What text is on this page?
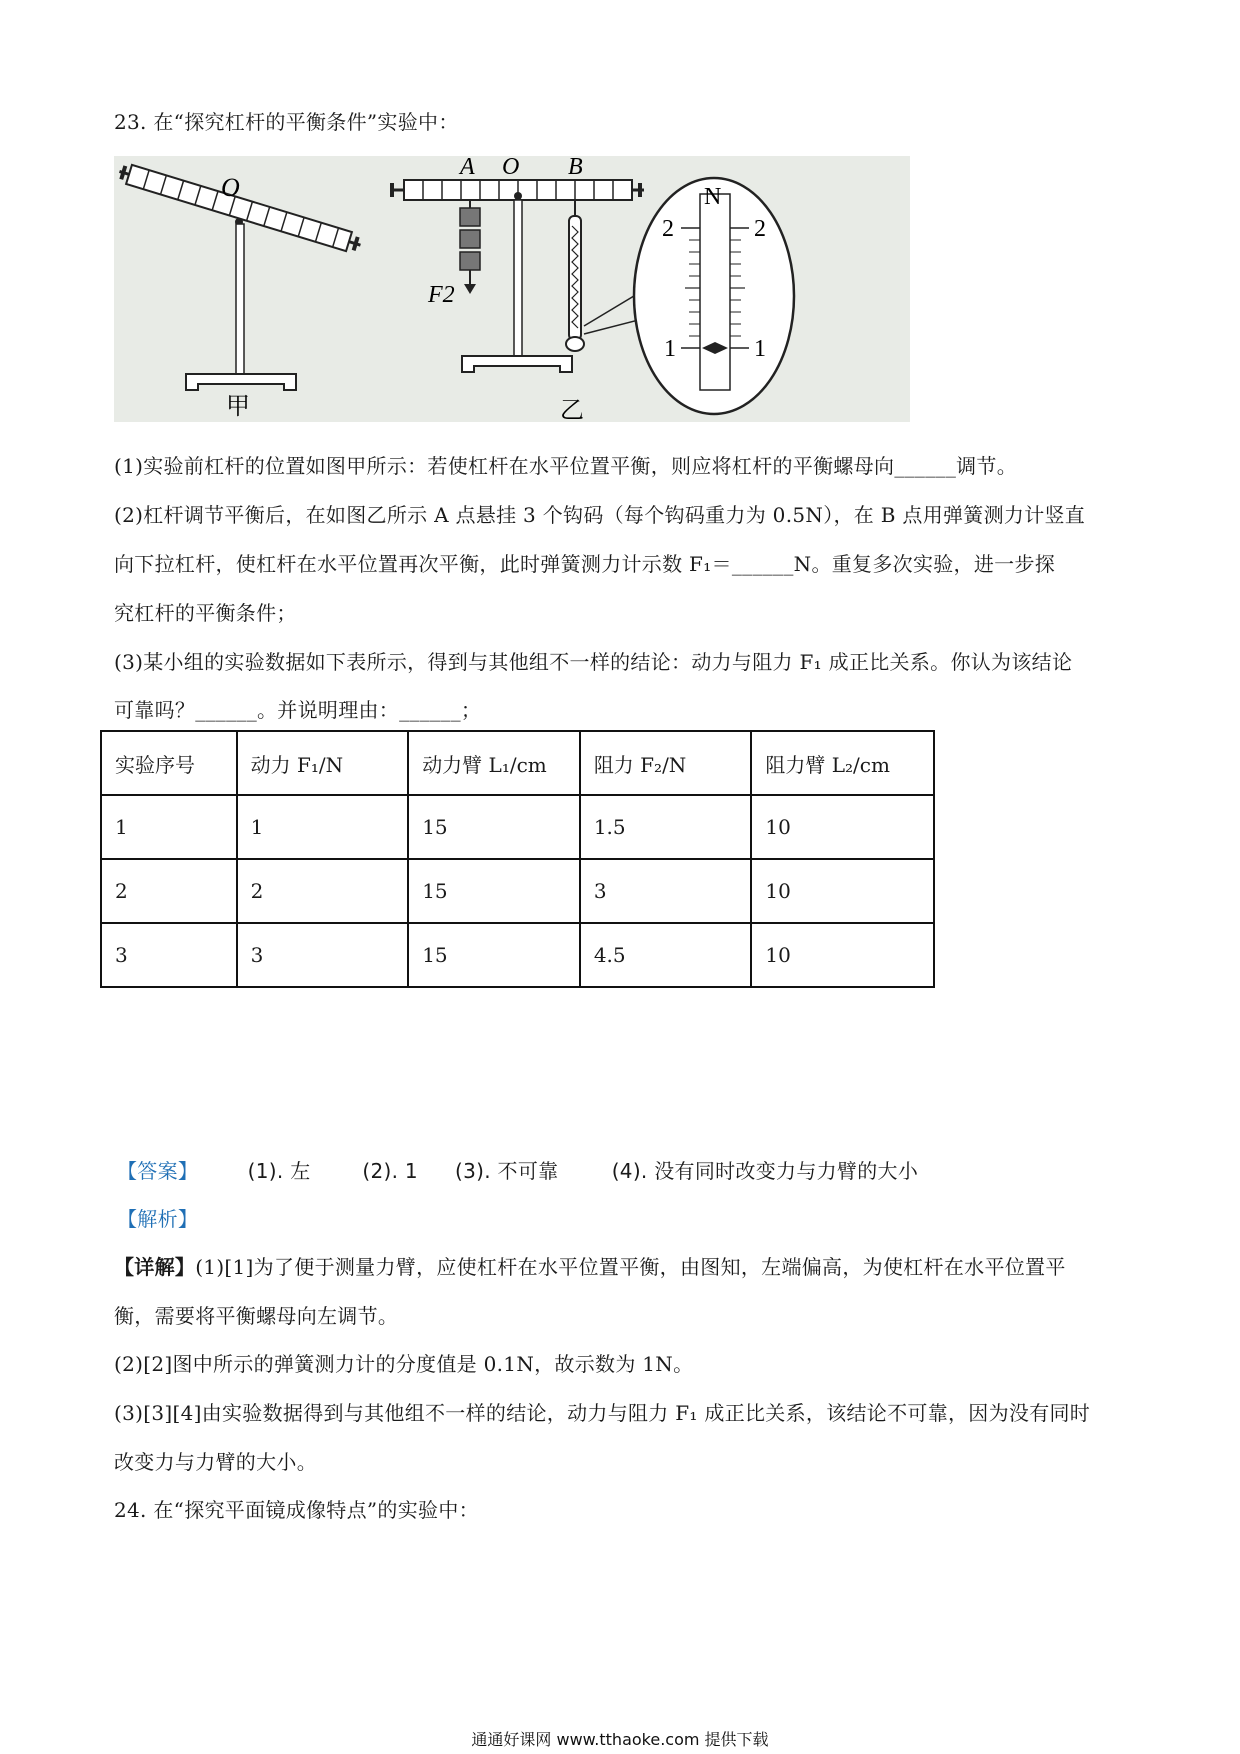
23. 在“探究杠杆的平衡条件”实验中：
O
甲
A O B
F2
乙
N
2	2
1	1
(1)实验前杠杆的位置如图甲所示：若使杠杆在水平位置平衡，则应将杠杆的平衡螺母向______调节。
(2)杠杆调节平衡后，在如图乙所示 A 点悬挂 3 个钩码（每个钩码重力为 0.5N），在 B 点用弹簧测力计竖直
向下拉杠杆，使杠杆在水平位置再次平衡，此时弹簧测力计示数 F₁＝______N。重复多次实验，进一步探
究杠杆的平衡条件；
(3)某小组的实验数据如下表所示，得到与其他组不一样的结论：动力与阻力 F₁ 成正比关系。你认为该结论
可靠吗？______。并说明理由：______；
实验序号	动力 F₁/N	动力臂 L₁/cm	阻力 F₂/N	阻力臂 L₂/cm
1	1	15	1.5	10
2	2	15	3	10
3	3	15	4.5	10
【答案】 (1). 左	(2). 1 (3). 不可靠	(4). 没有同时改变力与力臂的大小
【解析】
【详解】(1)[1]为了便于测量力臂，应使杠杆在水平位置平衡，由图知，左端偏高，为使杠杆在水平位置平
衡，需要将平衡螺母向左调节。
(2)[2]图中所示的弹簧测力计的分度值是 0.1N，故示数为 1N。
(3)[3][4]由实验数据得到与其他组不一样的结论，动力与阻力 F₁ 成正比关系，该结论不可靠，因为没有同时
改变力与力臂的大小。
24. 在“探究平面镜成像特点”的实验中：
通通好课网 www.tthaoke.com 提供下载
